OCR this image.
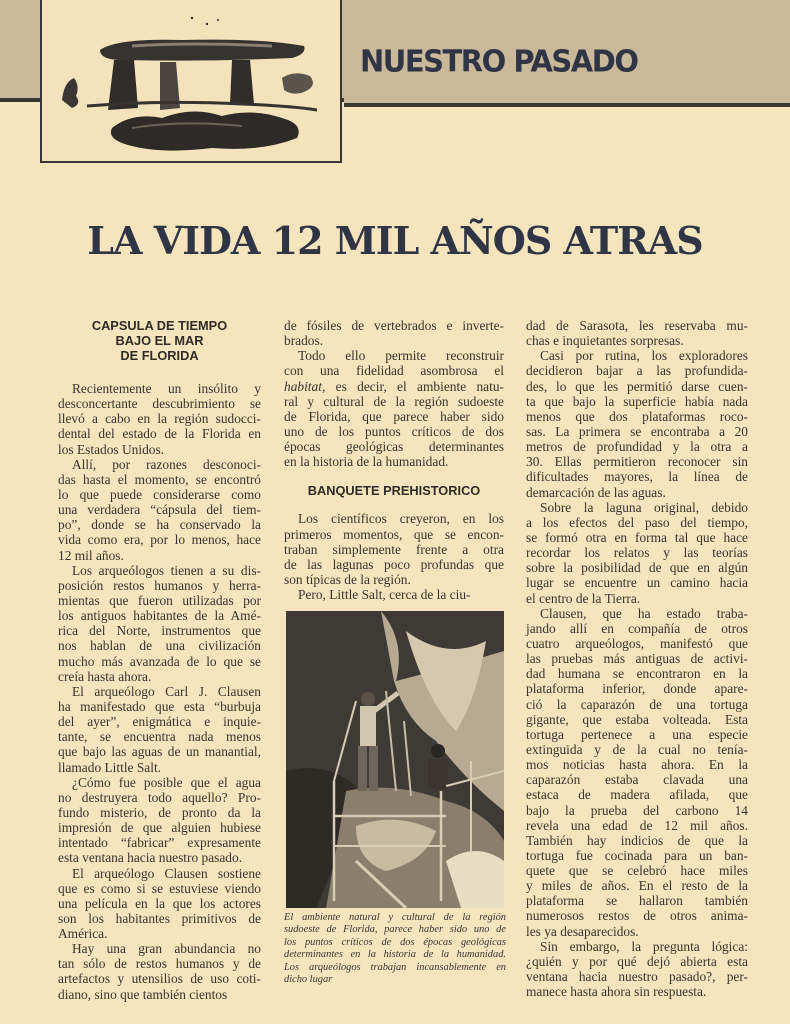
NUESTRO PASADO
LA VIDA 12 MIL AÑOS ATRAS
CAPSULA DE TIEMPO
BAJO EL MAR
DE FLORIDA
Recientemente un insólito y
desconcertante descubrimiento se
llevó a cabo en la región sudocci-
dental del estado de la Florida en
los Estados Unidos.
Allí, por razones desconoci-
das hasta el momento, se encontró
lo que puede considerarse como
una verdadera “cápsula del tiem-
po”, donde se ha conservado la
vida como era, por lo menos, hace
12 mil años.
Los arqueólogos tienen a su dis-
posición restos humanos y herra-
mientas que fueron utilizadas por
los antiguos habitantes de la Amé-
rica del Norte, instrumentos que
nos hablan de una civilización
mucho más avanzada de lo que se
creía hasta ahora.
El arqueólogo Carl J. Clausen
ha manifestado que esta “burbuja
del ayer”, enigmática e inquie-
tante, se encuentra nada menos
que bajo las aguas de un manantial,
llamado Little Salt.
¿Cómo fue posible que el agua
no destruyera todo aquello? Pro-
fundo misterio, de pronto da la
impresión de que alguien hubiese
intentado “fabricar” expresamente
esta ventana hacia nuestro pasado.
El arqueólogo Clausen sostiene
que es como si se estuviese viendo
una película en la que los actores
son los habitantes primitivos de
América.
Hay una gran abundancia no
tan sólo de restos humanos y de
artefactos y utensilios de uso coti-
diano, sino que también cientos
de fósiles de vertebrados e inverte-
brados.
Todo ello permite reconstruir
con una fidelidad asombrosa el
habitat, es decir, el ambiente natu-
ral y cultural de la región sudoeste
de Florida, que parece haber sido
uno de los puntos críticos de dos
épocas geológicas determinantes
en la historia de la humanidad.
BANQUETE PREHISTORICO
Los científicos creyeron, en los
primeros momentos, que se encon-
traban simplemente frente a otra
de las lagunas poco profundas que
son típicas de la región.
Pero, Little Salt, cerca de la ciu-
El ambiente natural y cultural de la región
sudoeste de Florida, parece haber sido uno de
los puntos críticos de dos épocas geológicas
determinantes en la historia de la humanidad.
Los arqueólogos trabajan incansablemente en
dicho lugar
dad de Sarasota, les reservaba mu-
chas e inquietantes sorpresas.
Casi por rutina, los exploradores
decidieron bajar a las profundida-
des, lo que les permitió darse cuen-
ta que bajo la superficie había nada
menos que dos plataformas roco-
sas. La primera se encontraba a 20
metros de profundidad y la otra a
30. Ellas permitieron reconocer sin
dificultades mayores, la línea de
demarcación de las aguas.
Sobre la laguna original, debido
a los efectos del paso del tiempo,
se formó otra en forma tal que hace
recordar los relatos y las teorías
sobre la posibilidad de que en algún
lugar se encuentre un camino hacia
el centro de la Tierra.
Clausen, que ha estado traba-
jando allí en compañía de otros
cuatro arqueólogos, manifestó que
las pruebas más antiguas de activi-
dad humana se encontraron en la
plataforma inferior, donde apare-
ció la caparazón de una tortuga
gigante, que estaba volteada. Esta
tortuga pertenece a una especie
extinguida y de la cual no tenía-
mos noticias hasta ahora. En la
caparazón estaba clavada una
estaca de madera afilada, que
bajo la prueba del carbono 14
revela una edad de 12 mil años.
También hay indicios de que la
tortuga fue cocinada para un ban-
quete que se celebró hace miles
y miles de años. En el resto de la
plataforma se hallaron también
numerosos restos de otros anima-
les ya desaparecidos.
Sin embargo, la pregunta lógica:
¿quién y por qué dejó abierta esta
ventana hacia nuestro pasado?, per-
manece hasta ahora sin respuesta.
